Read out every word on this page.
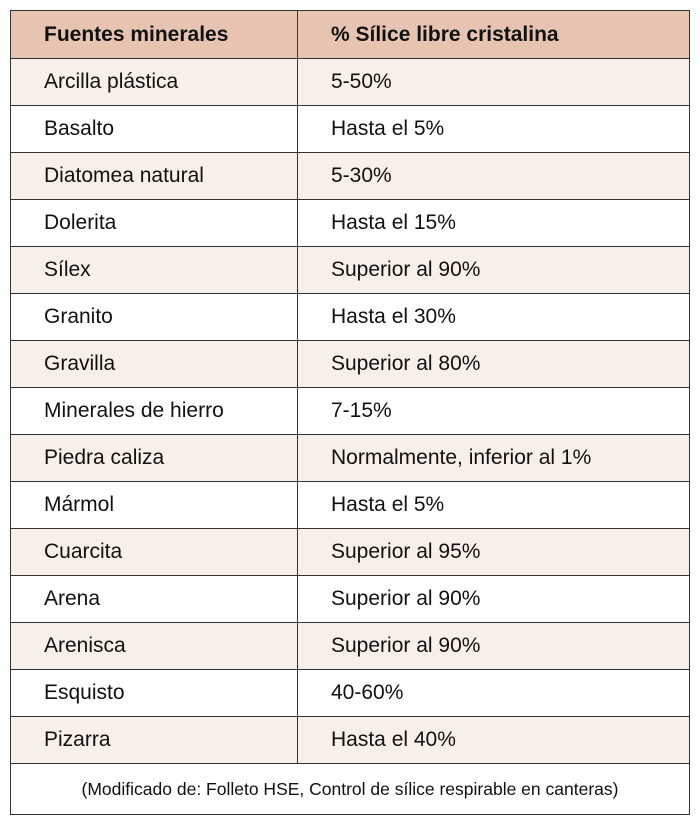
Fuentes minerales	% Sílice libre cristalina
Arcilla plástica	5-50%
Basalto	Hasta el 5%
Diatomea natural	5-30%
Dolerita	Hasta el 15%
Sílex	Superior al 90%
Granito	Hasta el 30%
Gravilla	Superior al 80%
Minerales de hierro	7-15%
Piedra caliza	Normalmente, inferior al 1%
Mármol	Hasta el 5%
Cuarcita	Superior al 95%
Arena	Superior al 90%
Arenisca	Superior al 90%
Esquisto	40-60%
Pizarra	Hasta el 40%
(Modificado de: Folleto HSE, Control de sílice respirable en canteras)
